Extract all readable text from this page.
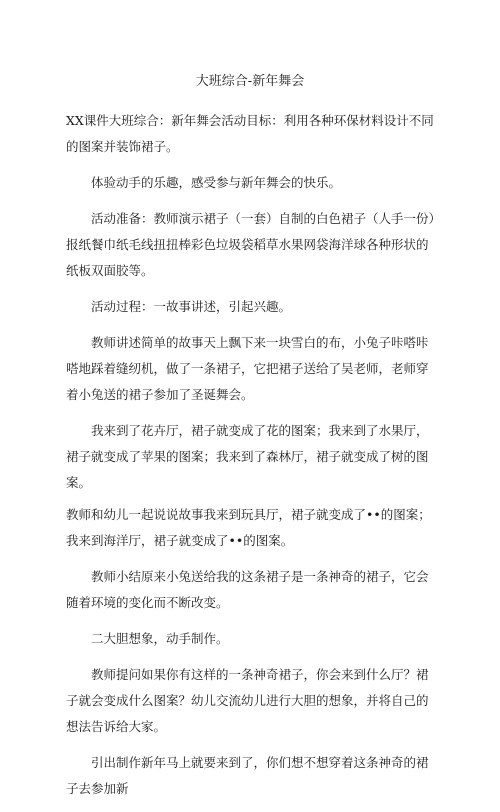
大班综合-新年舞会

XX课件大班综合：新年舞会活动目标：利用各种环保材料设计不同的图案并装饰裙子。

体验动手的乐趣，感受参与新年舞会的快乐。

活动准备：教师演示裙子（一套）自制的白色裙子（人手一份）报纸餐巾纸毛线扭扭棒彩色垃圾袋稻草水果网袋海洋球各种形状的纸板双面胶等。

活动过程：一故事讲述，引起兴趣。

教师讲述简单的故事天上飘下来一块雪白的布，小兔子咔嗒咔嗒地踩着缝纫机，做了一条裙子，它把裙子送给了吴老师，老师穿着小兔送的裙子参加了圣诞舞会。

我来到了花卉厅，裙子就变成了花的图案；我来到了水果厅，裙子就变成了苹果的图案；我来到了森林厅，裙子就变成了树的图案。

教师和幼儿一起说说故事我来到玩具厅，裙子就变成了••的图案；我来到海洋厅，裙子就变成了••的图案。

教师小结原来小兔送给我的这条裙子是一条神奇的裙子，它会随着环境的变化而不断改变。

二大胆想象，动手制作。

教师提问如果你有这样的一条神奇裙子，你会来到什么厅？裙子就会变成什么图案？幼儿交流幼儿进行大胆的想象，并将自己的想法告诉给大家。

引出制作新年马上就要来到了，你们想不想穿着这条神奇的裙子去参加新
